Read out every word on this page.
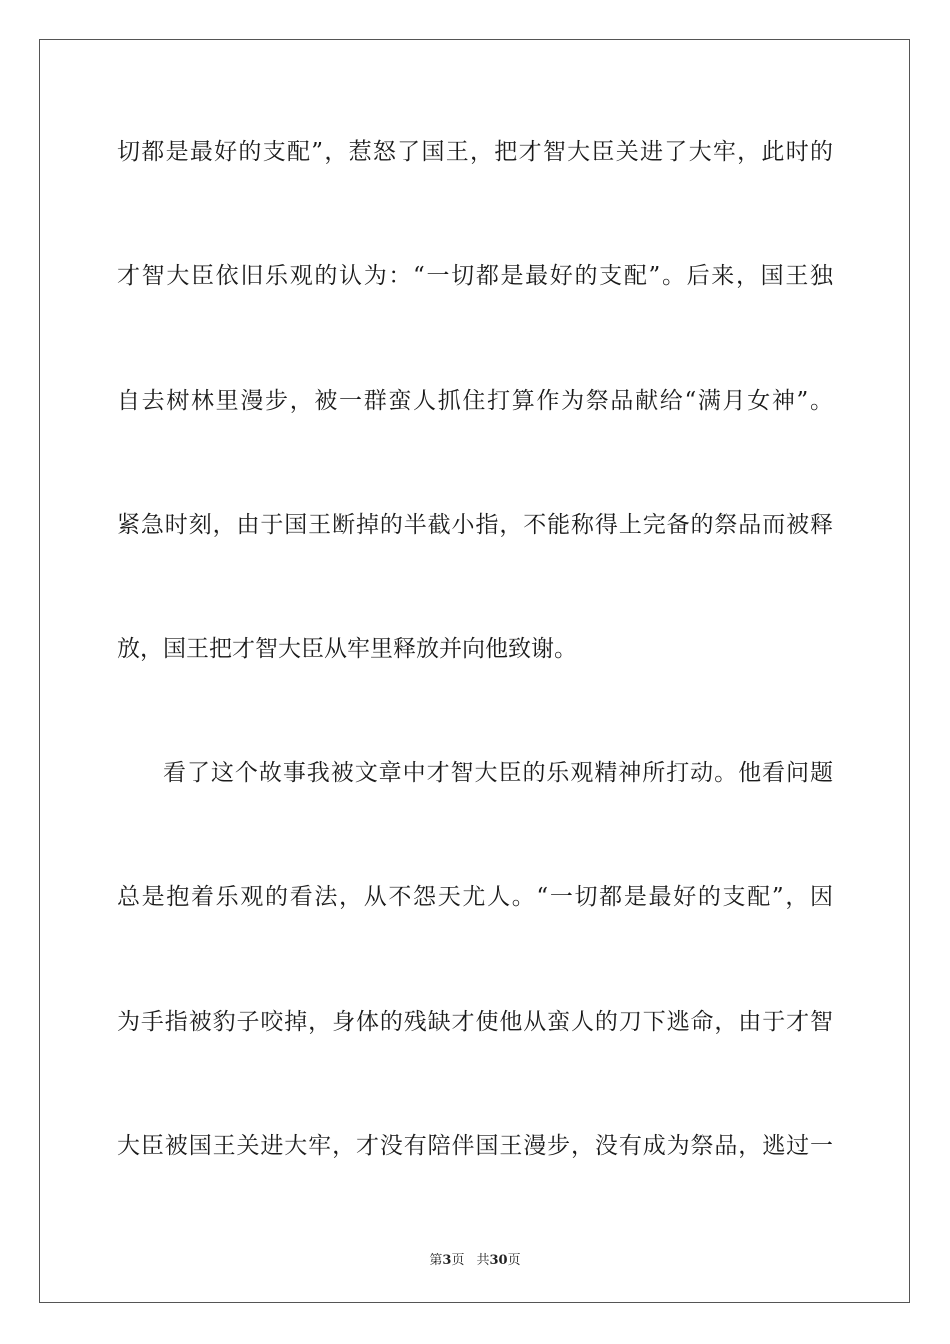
切都是最好的支配”，惹怒了国王，把才智大臣关进了大牢，此时的
才智大臣依旧乐观的认为：“一切都是最好的支配”。后来，国王独
自去树林里漫步，被一群蛮人抓住打算作为祭品献给“满月女神”。
紧急时刻，由于国王断掉的半截小指，不能称得上完备的祭品而被释
放，国王把才智大臣从牢里释放并向他致谢。
看了这个故事我被文章中才智大臣的乐观精神所打动。他看问题
总是抱着乐观的看法，从不怨天尤人。“一切都是最好的支配”，因
为手指被豹子咬掉，身体的残缺才使他从蛮人的刀下逃命，由于才智
大臣被国王关进大牢，才没有陪伴国王漫步，没有成为祭品，逃过一
第3页 共30页
